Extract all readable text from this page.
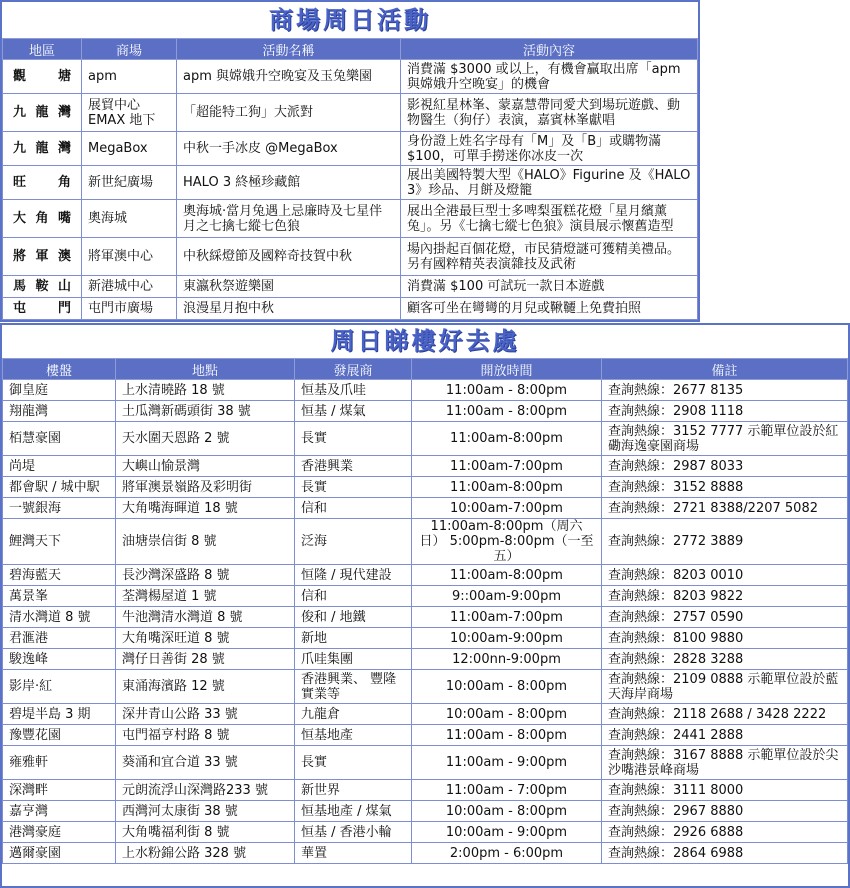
商場周日活動
地區	商場	活動名稱	活動內容
觀塘	apm	apm 與嫦娥升空晚宴及玉兔樂園	消費滿 $3000 或以上，有機會贏取出席「apm 與嫦娥升空晚宴」的機會
九龍灣	展貿中心 EMAX 地下	「超能特工狗」大派對	影視紅星林峯、蒙嘉慧帶同愛犬到場玩遊戲、動物醫生（狗仔）表演，嘉賓林峯獻唱
九龍灣	MegaBox	中秋一手冰皮 @MegaBox	身份證上姓名字母有「M」及「B」或購物滿 $100，可單手撈迷你冰皮一次
旺角	新世紀廣場	HALO 3 終極珍藏館	展出美國特製大型《HALO》Figurine 及《HALO 3》珍品、月餅及燈籠
大角嘴	奧海城	奧海城‧當月兔遇上忌廉時及七星伴月之七擒七縱七色狼	展出全港最巨型士多啤梨蛋糕花燈「星月繽薰兔」。另《七擒七縱七色狼》演員展示懷舊造型
將軍澳	將軍澳中心	中秋綵燈節及國粹奇技賀中秋	場內掛起百個花燈，市民猜燈謎可獲精美禮品。另有國粹精英表演雜技及武術
馬鞍山	新港城中心	東瀛秋祭遊樂園	消費滿 $100 可試玩一款日本遊戲
屯門	屯門市廣場	浪漫星月抱中秋	顧客可坐在彎彎的月兒或鞦韆上免費拍照
周日睇樓好去處
樓盤	地點	發展商	開放時間	備註
御皇庭	上水清曉路 18 號	恒基及爪哇	11:00am - 8:00pm	查詢熱線：2677 8135
翔龍灣	土瓜灣新碼頭街 38 號	恒基 / 煤氣	11:00am - 8:00pm	查詢熱線：2908 1118
栢慧豪園	天水圍天恩路 2 號	長實	11:00am-8:00pm	查詢熱線：3152 7777 示範單位設於紅磡海逸豪園商場
尚堤	大嶼山愉景灣	香港興業	11:00am-7:00pm	查詢熱線：2987 8033
都會駅 / 城中駅	將軍澳景嶺路及彩明街	長實	11:00am-8:00pm	查詢熱線：3152 8888
一號銀海	大角嘴海暉道 18 號	信和	10:00am-7:00pm	查詢熱線：2721 8388/2207 5082
鯉灣天下	油塘崇信街 8 號	泛海	11:00am-8:00pm（周六日） 5:00pm-8:00pm（一至五）	查詢熱線：2772 3889
碧海藍天	長沙灣深盛路 8 號	恒隆 / 現代建設	11:00am-8:00pm	查詢熱線：8203 0010
萬景峯	荃灣楊屋道 1 號	信和	9::00am-9:00pm	查詢熱線：8203 9822
清水灣道 8 號	牛池灣清水灣道 8 號	俊和 / 地鐵	11:00am-7:00pm	查詢熱線：2757 0590
君滙港	大角嘴深旺道 8 號	新地	10:00am-9:00pm	查詢熱線：8100 9880
駿逸峰	灣仔日善街 28 號	爪哇集團	12:00nn-9:00pm	查詢熱線：2828 3288
影岸‧紅	東涌海濱路 12 號	香港興業、 豐隆實業等	10:00am - 8:00pm	查詢熱線：2109 0888 示範單位設於藍天海岸商場
碧堤半島 3 期	深井青山公路 33 號	九龍倉	10:00am - 8:00pm	查詢熱線：2118 2688 / 3428 2222
豫豐花園	屯門福亨村路 8 號	恒基地產	11:00am - 8:00pm	查詢熱線：2441 2888
雍雅軒	葵涌和宜合道 33 號	長實	11:00am - 9:00pm	查詢熱線：3167 8888 示範單位設於尖沙嘴港景峰商場
深灣畔	元朗流浮山深灣路233 號	新世界	11:00am - 7:00pm	查詢熱線：3111 8000
嘉亨灣	西灣河太康街 38 號	恒基地產 / 煤氣	10:00am - 8:00pm	查詢熱線：2967 8880
港灣豪庭	大角嘴福利街 8 號	恒基 / 香港小輪	10:00am - 9:00pm	查詢熱線：2926 6888
邁爾豪園	上水粉錦公路 328 號	華置	2:00pm - 6:00pm	查詢熱線：2864 6988
